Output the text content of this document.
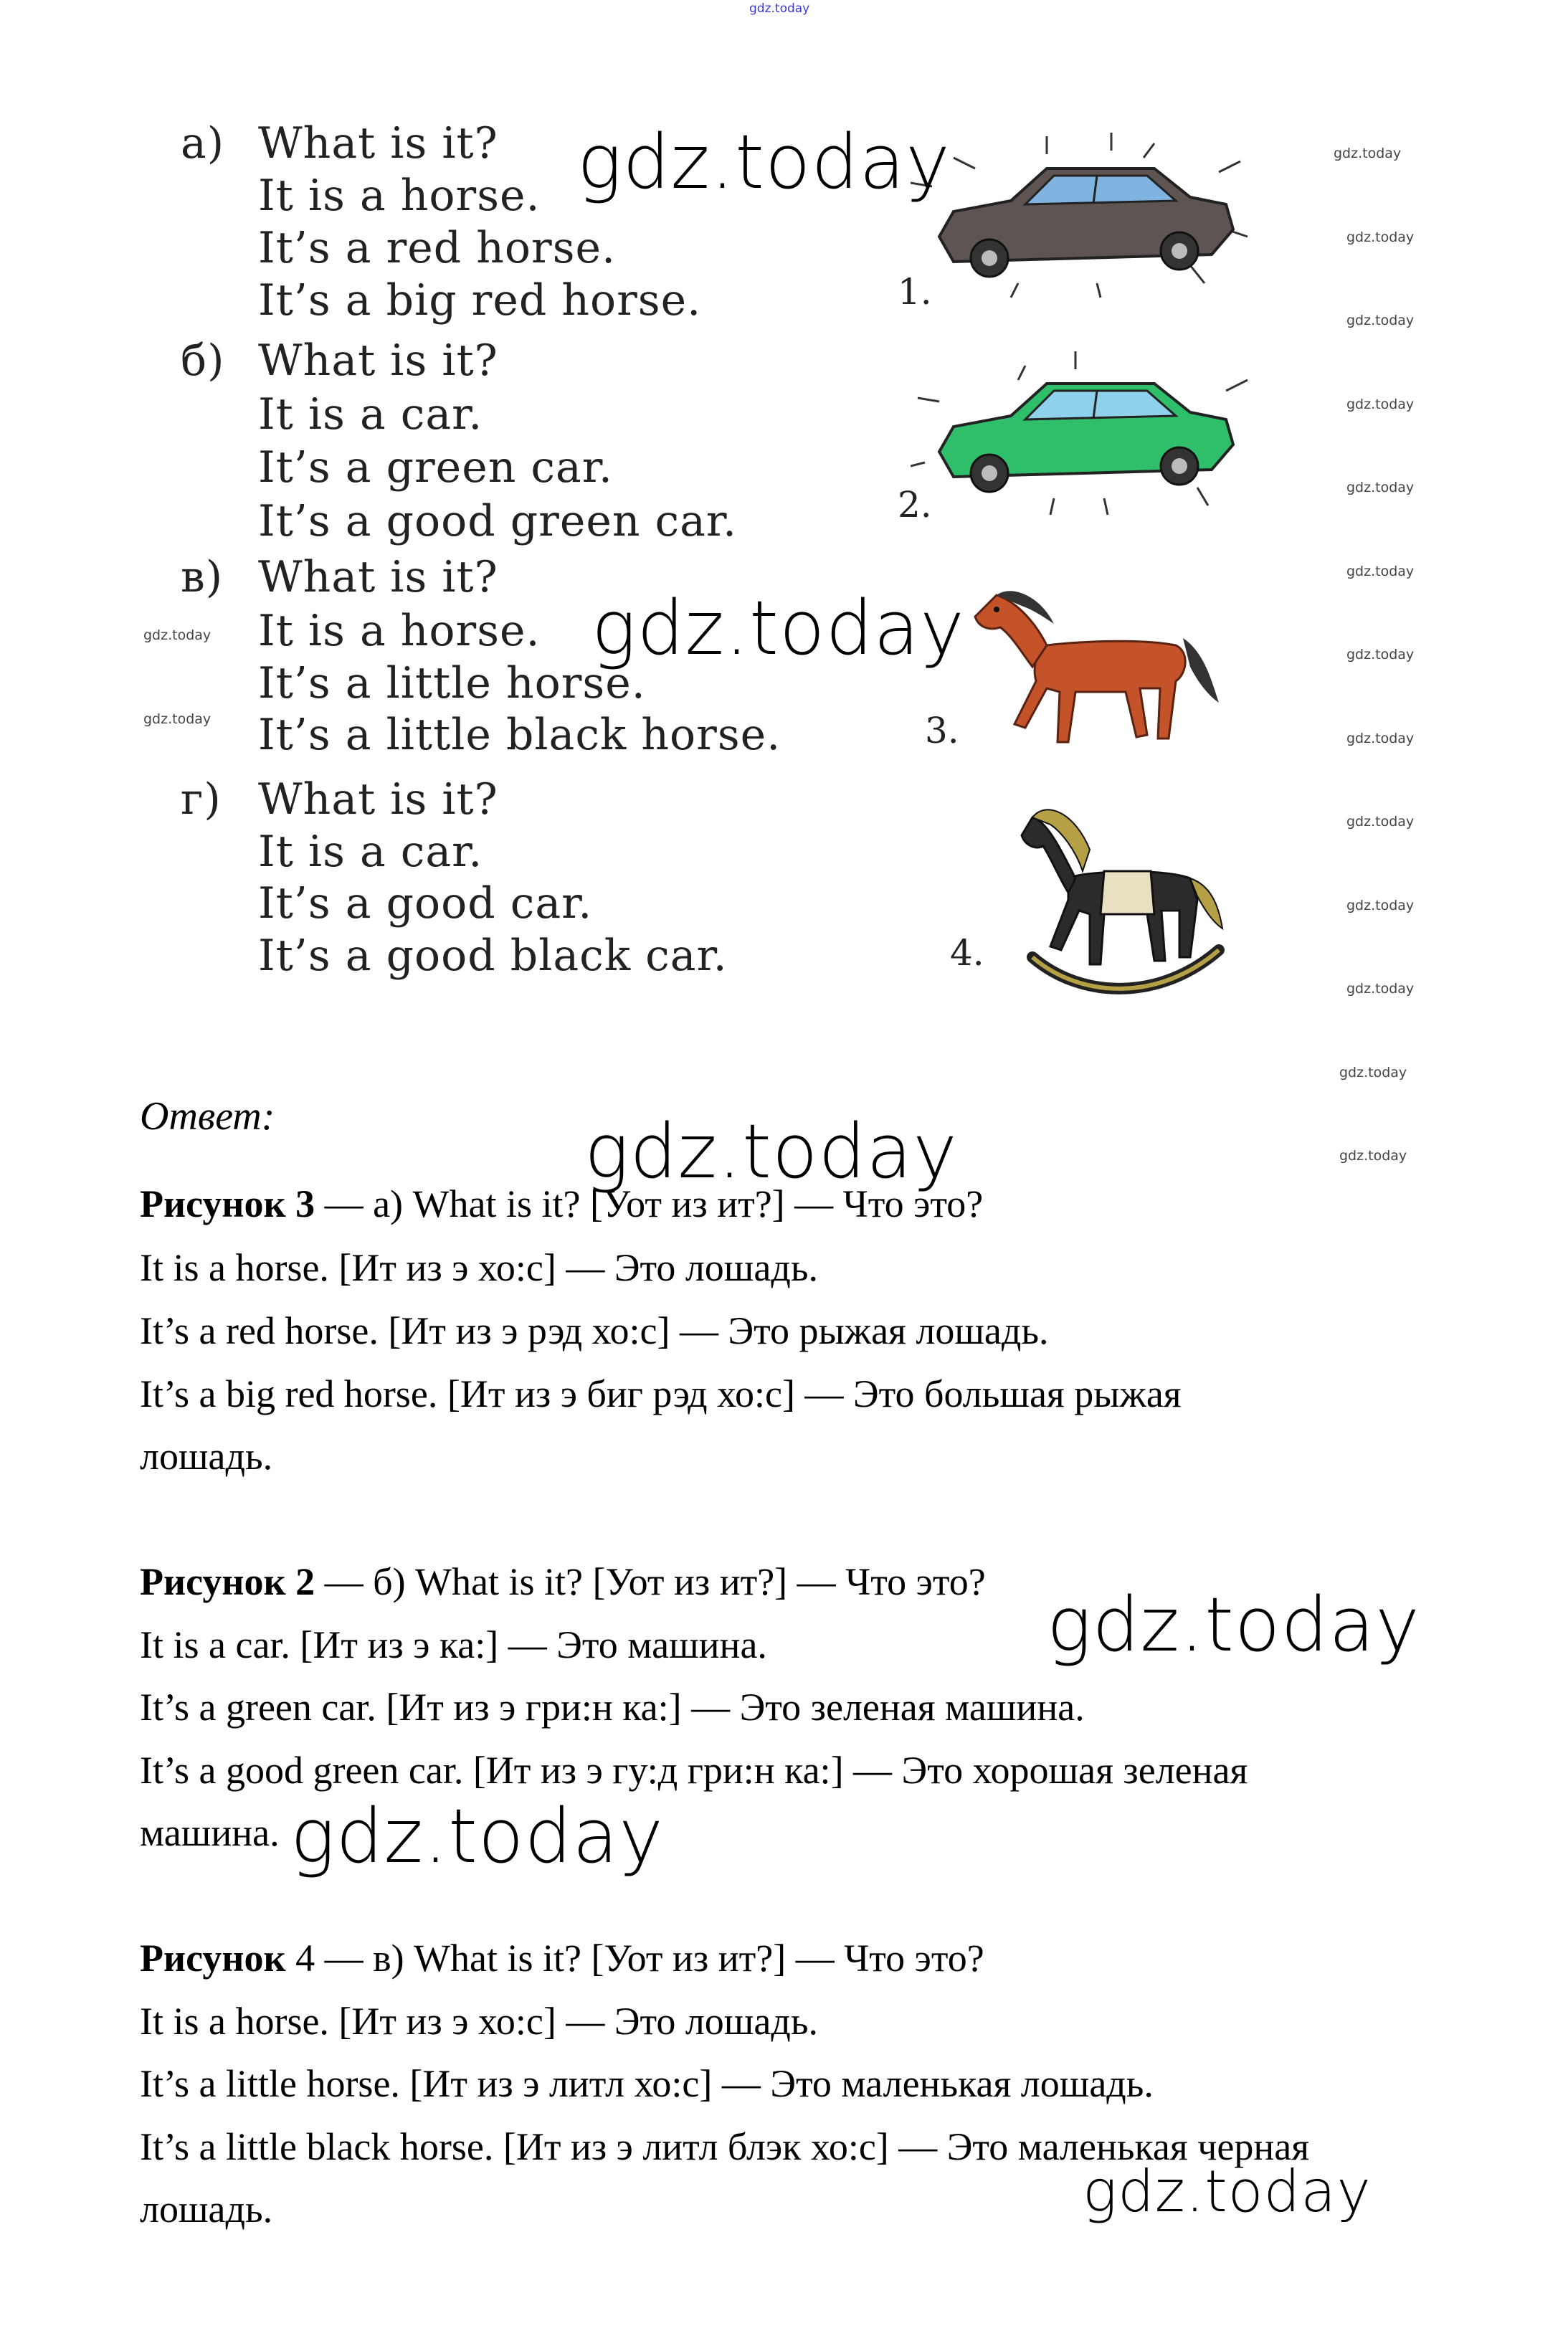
gdz.today
а) What is it?
It is a horse.
It’s a red horse.
It’s a big red horse.
б) What is it?
It is a car.
It’s a green car.
It’s a good green car.
в) What is it?
It is a horse.
It’s a little horse.
It’s a little black horse.
г) What is it?
It is a car.
It’s a good car.
It’s a good black car.
1.
2.
3.
4.
Ответ:
Рисунок 3 — а) What is it? [Уот из ит?] — Что это?
It is a horse. [Ит из э хо:с] — Это лошадь.
It’s a red horse. [Ит из э рэд хо:с] — Это рыжая лошадь.
It’s a big red horse. [Ит из э биг рэд хо:с] — Это большая рыжая
лошадь.
Рисунок 2 — б) What is it? [Уот из ит?] — Что это?
It is a car. [Ит из э ка:] — Это машина.
It’s a green car. [Ит из э гри:н ка:] — Это зеленая машина.
It’s a good green car. [Ит из э гу:д гри:н ка:] — Это хорошая зеленая
машина.
Рисунок 4 — в) What is it? [Уот из ит?] — Что это?
It is a horse. [Ит из э хо:с] — Это лошадь.
It’s a little horse. [Ит из э литл хо:с] — Это маленькая лошадь.
It’s a little black horse. [Ит из э литл блэк хо:с] — Это маленькая черная
лошадь.
gdz.today
gdz.today
gdz.today
gdz.today
gdz.today
gdz.today
gdz.today
gdz.today
gdz.today
gdz.today
gdz.today
gdz.today
gdz.today
gdz.today
gdz.today
gdz.today
gdz.today
gdz.today
gdz.today
gdz.today
gdz.today
